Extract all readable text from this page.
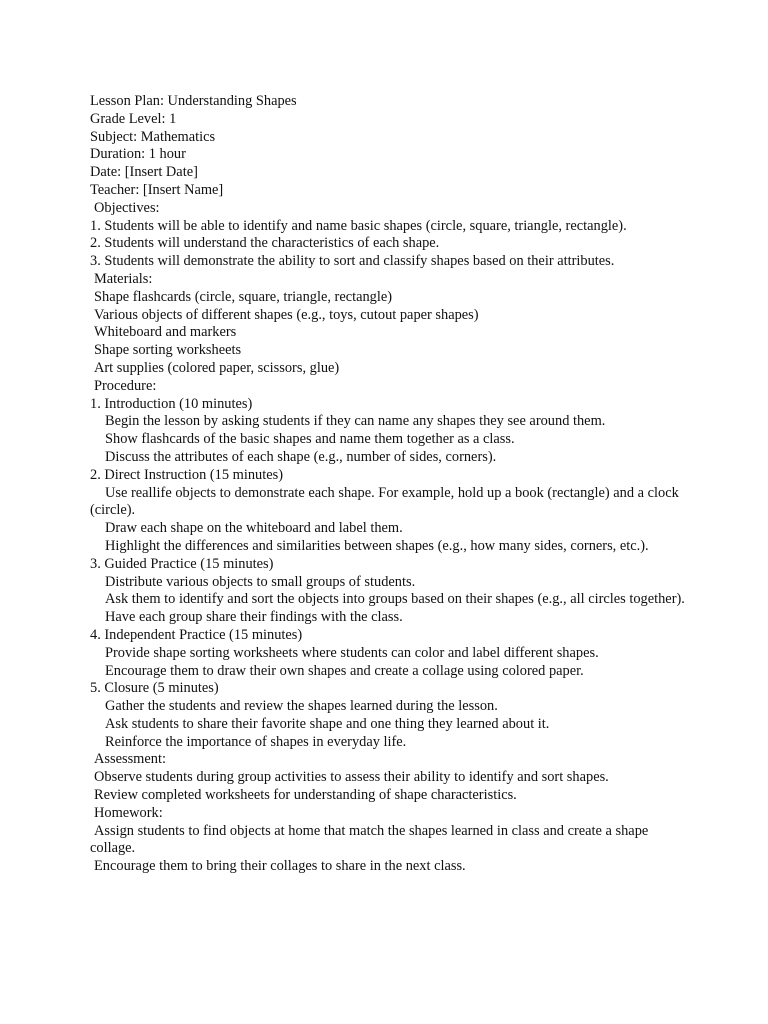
Lesson Plan: Understanding Shapes

Grade Level: 1

Subject: Mathematics

Duration: 1 hour

Date: [Insert Date]

Teacher: [Insert Name]

Objectives:

1. Students will be able to identify and name basic shapes (circle, square, triangle, rectangle).

2. Students will understand the characteristics of each shape.

3. Students will demonstrate the ability to sort and classify shapes based on their attributes.

Materials:

Shape flashcards (circle, square, triangle, rectangle)

Various objects of different shapes (e.g., toys, cutout paper shapes)

Whiteboard and markers

Shape sorting worksheets

Art supplies (colored paper, scissors, glue)

Procedure:

1. Introduction (10 minutes)

Begin the lesson by asking students if they can name any shapes they see around them.

Show flashcards of the basic shapes and name them together as a class.

Discuss the attributes of each shape (e.g., number of sides, corners).

2. Direct Instruction (15 minutes)

Use reallife objects to demonstrate each shape. For example, hold up a book (rectangle) and a clock (circle).

Draw each shape on the whiteboard and label them.

Highlight the differences and similarities between shapes (e.g., how many sides, corners, etc.).

3. Guided Practice (15 minutes)

Distribute various objects to small groups of students.

Ask them to identify and sort the objects into groups based on their shapes (e.g., all circles together).

Have each group share their findings with the class.

4. Independent Practice (15 minutes)

Provide shape sorting worksheets where students can color and label different shapes.

Encourage them to draw their own shapes and create a collage using colored paper.

5. Closure (5 minutes)

Gather the students and review the shapes learned during the lesson.

Ask students to share their favorite shape and one thing they learned about it.

Reinforce the importance of shapes in everyday life.

Assessment:

Observe students during group activities to assess their ability to identify and sort shapes.

Review completed worksheets for understanding of shape characteristics.

Homework:

Assign students to find objects at home that match the shapes learned in class and create a shape collage.

Encourage them to bring their collages to share in the next class.
